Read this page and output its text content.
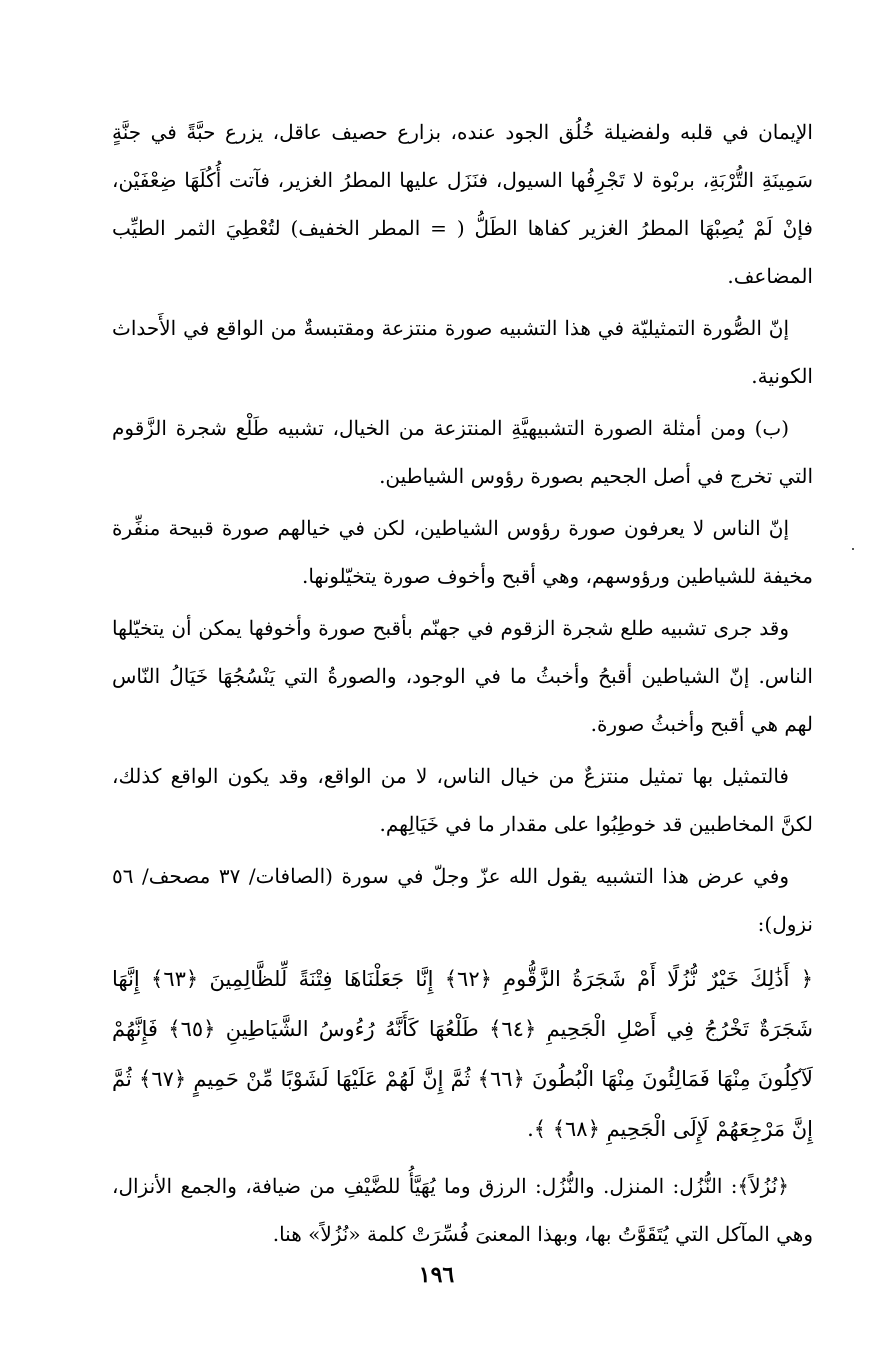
الإيمان في قلبه ولفضيلة خُلُق الجود عنده، بزارع حصيف عاقل، يزرع حبَّةً في جنَّةٍ سَمِينَةِ التُّرْبَةِ، بربْوة لا تَجْرِفُها السيول، فنَزَل عليها المطرُ الغزير، فآتت أُكُلَهَا ضِعْفَيْن، فإنْ لَمْ يُصِبْهَا المطرُ الغزير كفاها الطَلُّ ( = المطر الخفيف) لتُعْطِيَ الثمر الطيِّب المضاعف.

إنّ الصُّورة التمثيليّة في هذا التشبيه صورة منتزعة ومقتبسةٌ من الواقع في الأَحداث الكونية.

(ب) ومن أمثلة الصورة التشبيهيَّةِ المنتزعة من الخيال، تشبيه طَلْع شجرة الزَّقوم التي تخرج في أصل الجحيم بصورة رؤوس الشياطين.

إنّ الناس لا يعرفون صورة رؤوس الشياطين، لكن في خيالهم صورة قبيحة منفِّرة مخيفة للشياطين ورؤوسهم، وهي أقبح وأخوف صورة يتخيّلونها.

وقد جرى تشبيه طلع شجرة الزقوم في جهنّم بأقبح صورة وأخوفها يمكن أن يتخيّلها الناس. إنّ الشياطين أقبحُ وأخبثُ ما في الوجود، والصورةُ التي يَنْسُجُهَا خَيَالُ النّاس لهم هي أقبح وأخبثُ صورة.

فالتمثيل بها تمثيل منتزعٌ من خيال الناس، لا من الواقع، وقد يكون الواقع كذلك، لكنَّ المخاطبين قد خوطِبُوا على مقدار ما في خَيَالِهم.

وفي عرض هذا التشبيه يقول الله عزّ وجلّ في سورة (الصافات/ ٣٧ مصحف/ ٥٦ نزول):

﴿ أَذَٰلِكَ خَيْرٌ نُّزُلًا أَمْ شَجَرَةُ الزَّقُّومِ ﴿٦٢﴾ إِنَّا جَعَلْنَاهَا فِتْنَةً لِّلظَّالِمِينَ ﴿٦٣﴾ إِنَّهَا شَجَرَةٌ تَخْرُجُ فِي أَصْلِ الْجَحِيمِ ﴿٦٤﴾ طَلْعُهَا كَأَنَّهُ رُءُوسُ الشَّيَاطِينِ ﴿٦٥﴾ فَإِنَّهُمْ لَآكِلُونَ مِنْهَا فَمَالِئُونَ مِنْهَا الْبُطُونَ ﴿٦٦﴾ ثُمَّ إِنَّ لَهُمْ عَلَيْهَا لَشَوْبًا مِّنْ حَمِيمٍ ﴿٦٧﴾ ثُمَّ إِنَّ مَرْجِعَهُمْ لَإِلَى الْجَحِيمِ ﴿٦٨﴾ ﴾.

﴿نُزُلاً﴾: النُّزُل: المنزل. والنُّزُل: الرزق وما يُهَيَّأُ للضَّيْفِ من ضيافة، والجمع الأنزال، وهي المآكل التي يُتَقَوَّتُ بها، وبهذا المعنىَ فُسِّرَتْ كلمة «نُزُلاً» هنا.

١٩٦
